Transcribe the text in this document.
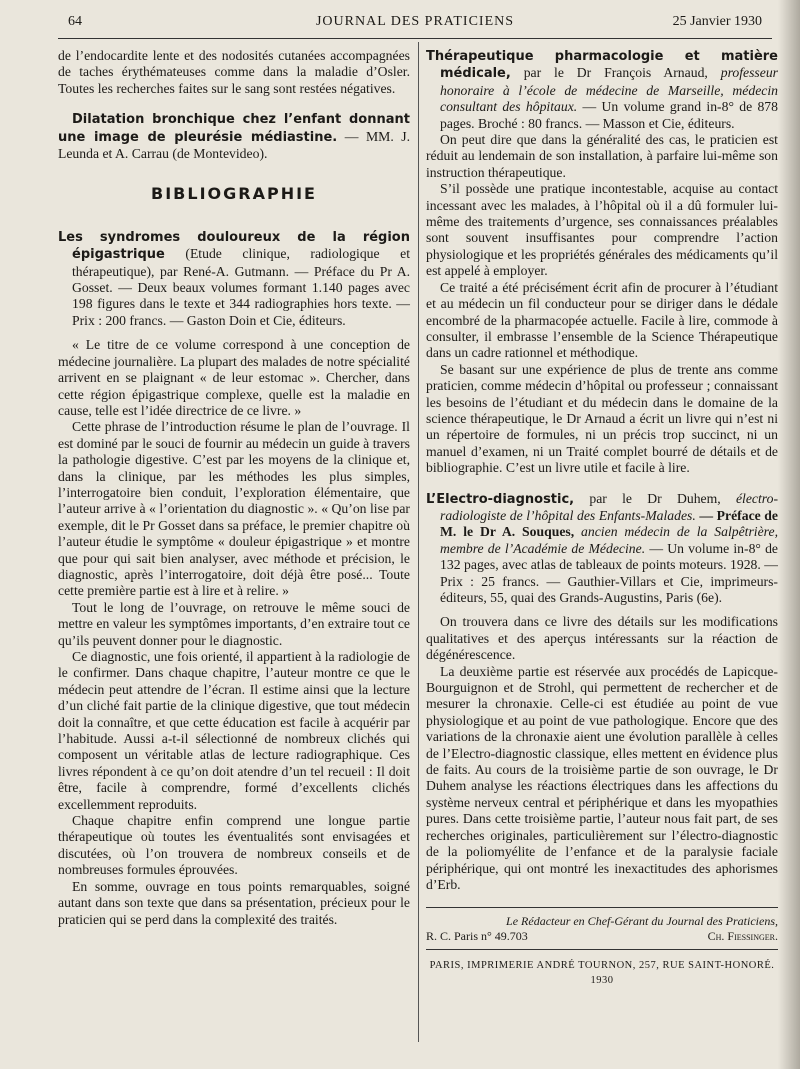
64	JOURNAL DES PRATICIENS	25 Janvier 1930

de l’endocardite lente et des nodosités cutanées accompagnées de taches érythémateuses comme dans la maladie d’Osler. Toutes les recherches faites sur le sang sont restées négatives.

Dilatation bronchique chez l’enfant donnant une image de pleurésie médiastine. — MM. J. Leunda et A. Carrau (de Montevideo).

BIBLIOGRAPHIE

Les syndromes douloureux de la région épigastrique (Etude clinique, radiologique et thérapeutique), par René-A. Gutmann. — Préface du Pr A. Gosset. — Deux beaux volumes formant 1.140 pages avec 198 figures dans le texte et 344 radiographies hors texte. — Prix : 200 francs. — Gaston Doin et Cie, éditeurs.

« Le titre de ce volume correspond à une conception de médecine journalière. La plupart des malades de notre spécialité arrivent en se plaignant « de leur estomac ». Chercher, dans cette région épigastrique complexe, quelle est la maladie en cause, telle est l’idée directrice de ce livre. »

Cette phrase de l’introduction résume le plan de l’ouvrage. Il est dominé par le souci de fournir au médecin un guide à travers la pathologie digestive. C’est par les moyens de la clinique et, dans la clinique, par les méthodes les plus simples, l’interrogatoire bien conduit, l’exploration élémentaire, que l’auteur arrive à « l’orientation du diagnostic ». « Qu’on lise par exemple, dit le Pr Gosset dans sa préface, le premier chapitre où l’auteur étudie le symptôme « douleur épigastrique » et montre que pour qui sait bien analyser, avec méthode et précision, le diagnostic, après l’interrogatoire, doit déjà être posé... Toute cette première partie est à lire et à relire. »

Tout le long de l’ouvrage, on retrouve le même souci de mettre en valeur les symptômes importants, d’en extraire tout ce qu’ils peuvent donner pour le diagnostic.

Ce diagnostic, une fois orienté, il appartient à la radiologie de le confirmer. Dans chaque chapitre, l’auteur montre ce que le médecin peut attendre de l’écran. Il estime ainsi que la lecture d’un cliché fait partie de la clinique digestive, que tout médecin doit la connaître, et que cette éducation est facile à acquérir par l’habitude. Aussi a-t-il sélectionné de nombreux clichés qui composent un véritable atlas de lecture radiographique. Ces livres répondent à ce qu’on doit atendre d’un tel recueil : Il doit être, facile à comprendre, formé d’excellents clichés excellemment reproduits.

Chaque chapitre enfin comprend une longue partie thérapeutique où toutes les éventualités sont envisagées et discutées, où l’on trouvera de nombreux conseils et de nombreuses formules éprouvées.

En somme, ouvrage en tous points remarquables, soigné autant dans son texte que dans sa présentation, précieux pour le praticien qui se perd dans la complexité des traités.

Thérapeutique pharmacologie et matière médicale, par le Dr François Arnaud, professeur honoraire à l’école de médecine de Marseille, médecin consultant des hôpitaux. — Un volume grand in-8° de 878 pages. Broché : 80 francs. — Masson et Cie, éditeurs.

On peut dire que dans la généralité des cas, le praticien est réduit au lendemain de son installation, à parfaire lui-même son instruction thérapeutique.

S’il possède une pratique incontestable, acquise au contact incessant avec les malades, à l’hôpital où il a dû formuler lui-même des traitements d’urgence, ses connaissances préalables sont souvent insuffisantes pour comprendre l’action physiologique et les propriétés générales des médicaments qu’il est appelé à employer.

Ce traité a été précisément écrit afin de procurer à l’étudiant et au médecin un fil conducteur pour se diriger dans le dédale encombré de la pharmacopée actuelle. Facile à lire, commode à consulter, il embrasse l’ensemble de la Science Thérapeutique dans un cadre rationnel et méthodique.

Se basant sur une expérience de plus de trente ans comme praticien, comme médecin d’hôpital ou professeur ; connaissant les besoins de l’étudiant et du médecin dans le domaine de la science thérapeutique, le Dr Arnaud a écrit un livre qui n’est ni un répertoire de formules, ni un précis trop succinct, ni un manuel d’examen, ni un Traité complet bourré de détails et de bibliographie. C’est un livre utile et facile à lire.

L’Electro-diagnostic, par le Dr Duhem, électro-radiologiste de l’hôpital des Enfants-Malades. — Préface de M. le Dr A. Souques, ancien médecin de la Salpêtrière, membre de l’Académie de Médecine. — Un volume in-8° de 132 pages, avec atlas de tableaux de points moteurs. 1928. — Prix : 25 francs. — Gauthier-Villars et Cie, imprimeurs-éditeurs, 55, quai des Grands-Augustins, Paris (6e).

On trouvera dans ce livre des détails sur les modifications qualitatives et des aperçus intéressants sur la réaction de dégénérescence.

La deuxième partie est réservée aux procédés de Lapicque-Bourguignon et de Strohl, qui permettent de rechercher et de mesurer la chronaxie. Celle-ci est étudiée au point de vue physiologique et au point de vue pathologique. Encore que des variations de la chronaxie aient une évolution parallèle à celles de l’Electro-diagnostic classique, elles mettent en évidence plus de faits. Au cours de la troisième partie de son ouvrage, le Dr Duhem analyse les réactions électriques dans les affections du système nerveux central et périphérique et dans les myopathies pures. Dans cette troisième partie, l’auteur nous fait part, de ses recherches originales, particulièrement sur l’électro-diagnostic de la poliomyélite de l’enfance et de la paralysie faciale périphérique, qui ont montré les inexactitudes des aphorismes d’Erb.

Le Rédacteur en Chef-Gérant du Journal des Praticiens,
R. C. Paris n° 49.703	Ch. Fiessinger.
PARIS, IMPRIMERIE ANDRÉ TOURNON, 257, RUE SAINT-HONORÉ. 1930
